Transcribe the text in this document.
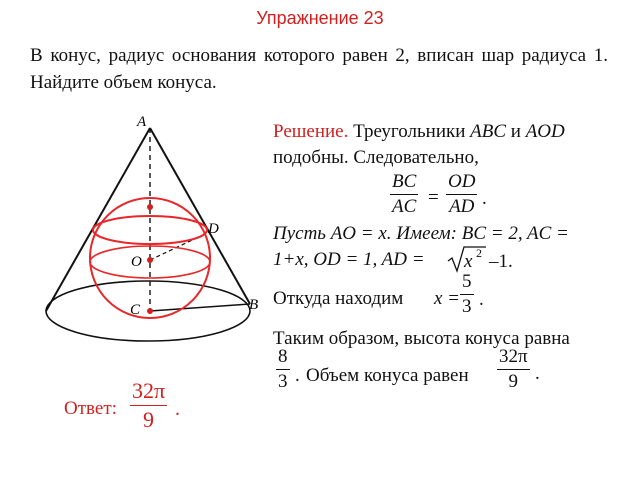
Упражнение 23
В конус, радиус основания которого равен 2, вписан шар радиуса 1. Найдите объем конуса.
A
D
O
C	B
Решение. Треугольники ABC и AOD
подобны. Следовательно,
BC
AC =
OD
AD .
Пусть AO = x. Имеем: BC = 2, AC =
1+x, OD = 1, AD = x 2 –1.
Откуда находим x =
5
3 .
Таким образом, высота конуса равна
8
3 . Объем конуса равен
32π
9 .
Ответ:
32π
9	.
